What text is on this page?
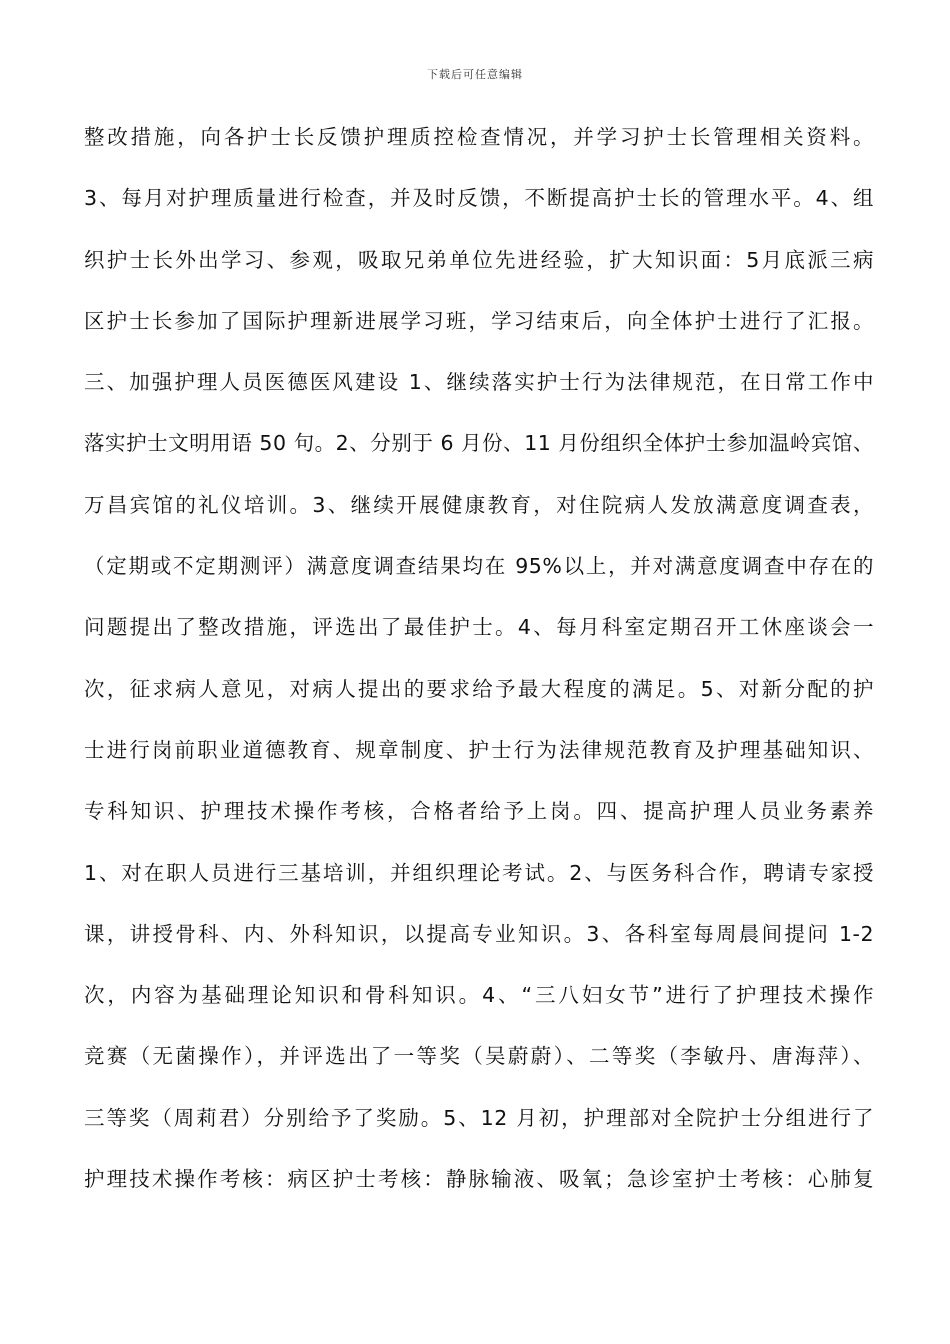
下载后可任意编辑
整改措施，向各护士长反馈护理质控检查情况，并学习护士长管理相关资料。
3、每月对护理质量进行检查，并及时反馈，不断提高护士长的管理水平。4、组
织护士长外出学习、参观，吸取兄弟单位先进经验，扩大知识面：5月底派三病
区护士长参加了国际护理新进展学习班，学习结束后，向全体护士进行了汇报。
三、加强护理人员医德医风建设 1、继续落实护士行为法律规范，在日常工作中
落实护士文明用语 50 句。2、分别于 6 月份、11 月份组织全体护士参加温岭宾馆、
万昌宾馆的礼仪培训。3、继续开展健康教育，对住院病人发放满意度调查表，
（定期或不定期测评）满意度调查结果均在 95%以上，并对满意度调查中存在的
问题提出了整改措施，评选出了最佳护士。4、每月科室定期召开工休座谈会一
次，征求病人意见，对病人提出的要求给予最大程度的满足。5、对新分配的护
士进行岗前职业道德教育、规章制度、护士行为法律规范教育及护理基础知识、
专科知识、护理技术操作考核，合格者给予上岗。四、提高护理人员业务素养
1、对在职人员进行三基培训，并组织理论考试。2、与医务科合作，聘请专家授
课，讲授骨科、内、外科知识，以提高专业知识。3、各科室每周晨间提问 1-2
次，内容为基础理论知识和骨科知识。4、“三八妇女节”进行了护理技术操作
竞赛（无菌操作），并评选出了一等奖（吴蔚蔚）、二等奖（李敏丹、唐海萍）、
三等奖（周莉君）分别给予了奖励。5、12 月初，护理部对全院护士分组进行了
护理技术操作考核：病区护士考核：静脉输液、吸氧；急诊室护士考核：心肺复
